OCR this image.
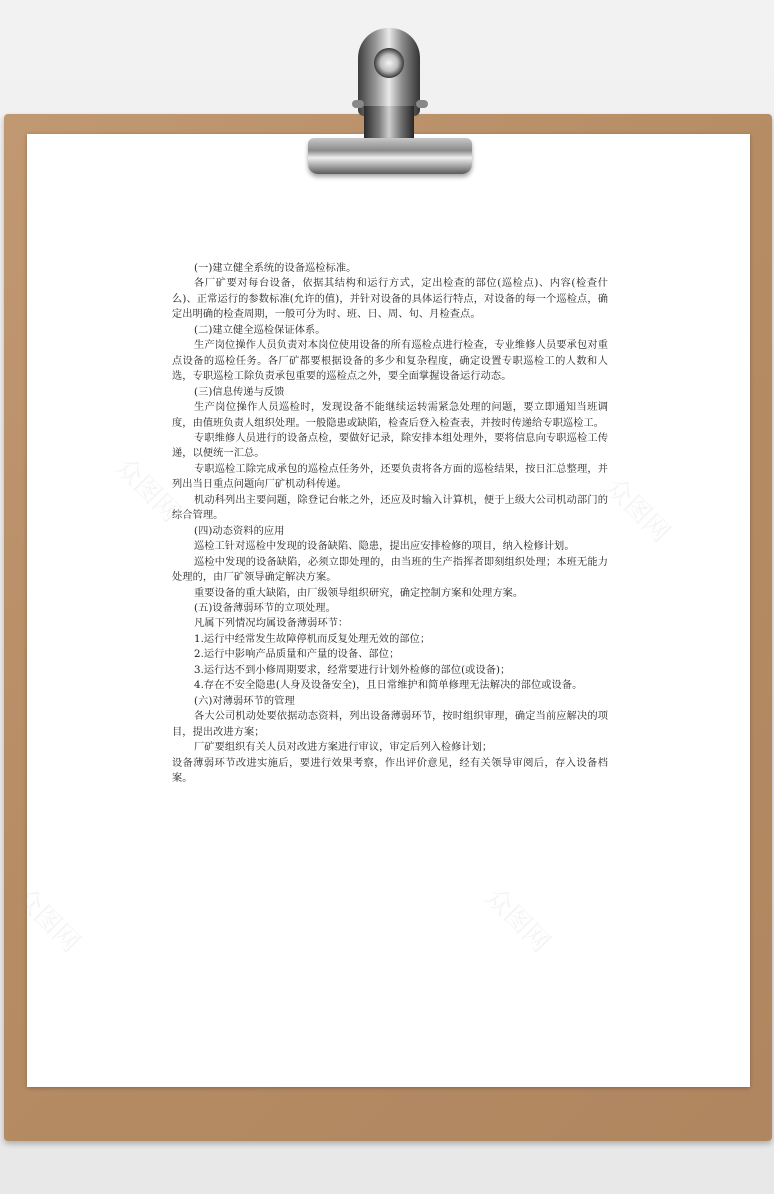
(一)建立健全系统的设备巡检标准。

各厂矿要对每台设备，依据其结构和运行方式，定出检查的部位(巡检点)、内容(检查什么)、正常运行的参数标准(允许的值)，并针对设备的具体运行特点，对设备的每一个巡检点，确定出明确的检查周期，一般可分为时、班、日、周、旬、月检查点。

(二)建立健全巡检保证体系。

生产岗位操作人员负责对本岗位使用设备的所有巡检点进行检查，专业维修人员要承包对重点设备的巡检任务。各厂矿都要根据设备的多少和复杂程度，确定设置专职巡检工的人数和人选，专职巡检工除负责承包重要的巡检点之外，要全面掌握设备运行动态。

(三)信息传递与反馈

生产岗位操作人员巡检时，发现设备不能继续运转需紧急处理的问题，要立即通知当班调度，由值班负责人组织处理。一般隐患或缺陷，检查后登入检查表，并按时传递给专职巡检工。

专职维修人员进行的设备点检，要做好记录，除安排本组处理外，要将信息向专职巡检工传递，以便统一汇总。

专职巡检工除完成承包的巡检点任务外，还要负责将各方面的巡检结果，按日汇总整理，并列出当日重点问题向厂矿机动科传递。

机动科列出主要问题，除登记台帐之外，还应及时输入计算机，便于上级大公司机动部门的综合管理。

(四)动态资料的应用

巡检工针对巡检中发现的设备缺陷、隐患，提出应安排检修的项目，纳入检修计划。

巡检中发现的设备缺陷，必须立即处理的，由当班的生产指挥者即刻组织处理；本班无能力处理的，由厂矿领导确定解决方案。

重要设备的重大缺陷，由厂级领导组织研究，确定控制方案和处理方案。

(五)设备薄弱环节的立项处理。

凡属下列情况均属设备薄弱环节：

1.运行中经常发生故障停机而反复处理无效的部位；

2.运行中影响产品质量和产量的设备、部位；

3.运行达不到小修周期要求，经常要进行计划外检修的部位(或设备)；

4.存在不安全隐患(人身及设备安全)，且日常维护和简单修理无法解决的部位或设备。

(六)对薄弱环节的管理

各大公司机动处要依据动态资料，列出设备薄弱环节，按时组织审理，确定当前应解决的项目，提出改进方案；

厂矿要组织有关人员对改进方案进行审议，审定后列入检修计划；

设备薄弱环节改进实施后，要进行效果考察，作出评价意见，经有关领导审阅后，存入设备档案。
